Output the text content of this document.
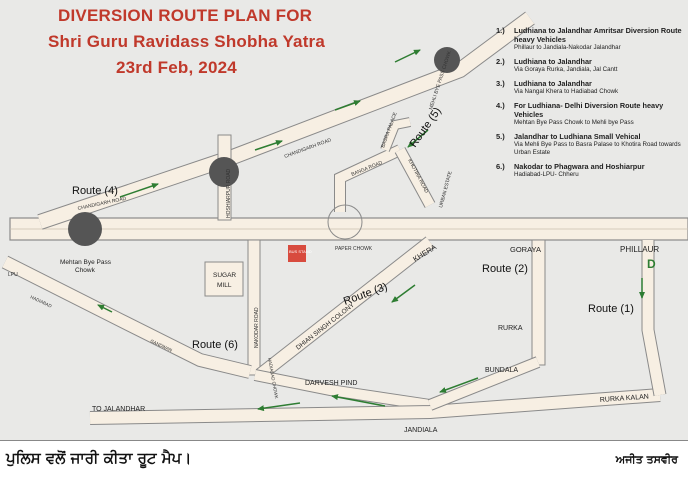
Route (4)
Route (5)
Route (3)
Route (2)
Route (1)
Route (6)
CHANDIGARH ROAD
CHANDIGARH ROAD
HOSHIARPUR ROAD
MEHLI BYE PASS CHOWK
BASRA PALACE
BANGA ROAD	KHOTIRA ROAD URBAN ESTATE
Mehtan Bye Pass
Chowk
BUS STAND	PAPER CHOWK	KHERA	GORAYA	PHILLAUR
D
SUGAR
MILL
NAKODAR ROAD
HADIABAD CHOWK
DHIAN SINGH COLONY	RURKA
BUNDALA
DARVESH PIND
TO JALANDHAR
RURKA KALAN
JANDIALA
LPU
HADIABAD
GANDWAN
DIVERSION ROUTE PLAN FOR
Shri Guru Ravidass Shobha Yatra
23rd Feb, 2024
1.) Ludhiana to Jalandhar Amritsar Diversion Route heavy Vehicles
Phillaur to Jandiala-Nakodar Jalandhar
2.) Ludhiana to Jalandhar
Via Goraya Rurka, Jandiala, Jal Cantt
3.) Ludhiana to Jalandhar
Via Nangal Khera to Hadiabad Chowk
4.) For Ludhiana- Delhi Diversion Route heavy Vehicles
Mehtan Bye Pass Chowk to Mehli bye Pass
5.) Jalandhar to Ludhiana Small Vehical
Via Mehli Bye Pass to Basra Palase to Khotira Road towards Urban Estate
6.) Nakodar to Phagwara and Hoshiarpur
Hadiabad-LPU- Chheru
ਪੁਲਿਸ ਵਲੋਂ ਜਾਰੀ ਕੀਤਾ ਰੂਟ ਮੈਪ।	ਅਜੀਤ ਤਸਵੀਰ
